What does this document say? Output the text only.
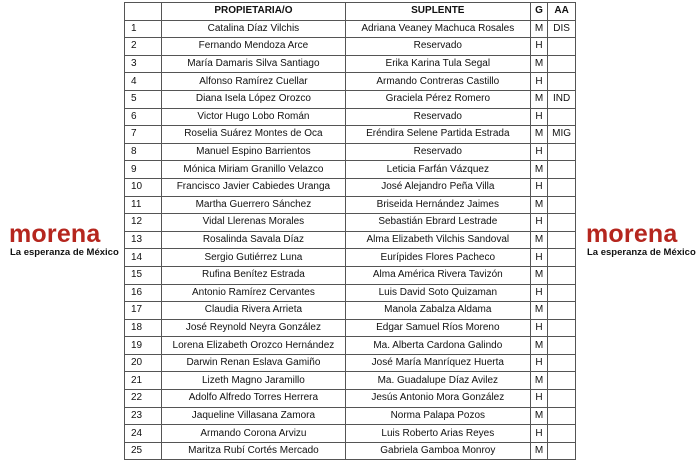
morena
La esperanza de México
morena
La esperanza de México
	PROPIETARIA/O	SUPLENTE	G	AA
1	Catalina Díaz Vilchis	Adriana Veaney Machuca Rosales	M	DIS
2	Fernando Mendoza Arce	Reservado	H	
3	María Damaris Silva Santiago	Erika Karina Tula Segal	M	
4	Alfonso Ramírez Cuellar	Armando Contreras Castillo	H	
5	Diana Isela López Orozco	Graciela Pérez Romero	M	IND
6	Victor Hugo Lobo Román	Reservado	H	
7	Roselia Suárez Montes de Oca	Eréndira Selene Partida Estrada	M	MIG
8	Manuel Espino Barrientos	Reservado	H	
9	Mónica Miriam Granillo Velazco	Leticia Farfán Vázquez	M	
10	Francisco Javier Cabiedes Uranga	José Alejandro Peña Villa	H	
11	Martha Guerrero Sánchez	Briseida Hernández Jaimes	M	
12	Vidal Llerenas Morales	Sebastián Ebrard Lestrade	H	
13	Rosalinda Savala Díaz	Alma Elizabeth Vilchis Sandoval	M	
14	Sergio Gutiérrez Luna	Eurípides Flores Pacheco	H	
15	Rufina Benítez Estrada	Alma América Rivera Tavizón	M	
16	Antonio Ramírez Cervantes	Luis David Soto Quizaman	H	
17	Claudia Rivera Arrieta	Manola Zabalza Aldama	M	
18	José Reynold Neyra González	Edgar Samuel Ríos Moreno	H	
19	Lorena Elizabeth Orozco Hernández	Ma. Alberta Cardona Galindo	M	
20	Darwin Renan Eslava Gamiño	José María Manríquez Huerta	H	
21	Lizeth Magno Jaramillo	Ma. Guadalupe Díaz Avilez	M	
22	Adolfo Alfredo Torres Herrera	Jesús Antonio Mora González	H	
23	Jaqueline Villasana Zamora	Norma Palapa Pozos	M	
24	Armando Corona Arvizu	Luis Roberto Arias Reyes	H	
25	Maritza Rubí Cortés Mercado	Gabriela Gamboa Monroy	M	
